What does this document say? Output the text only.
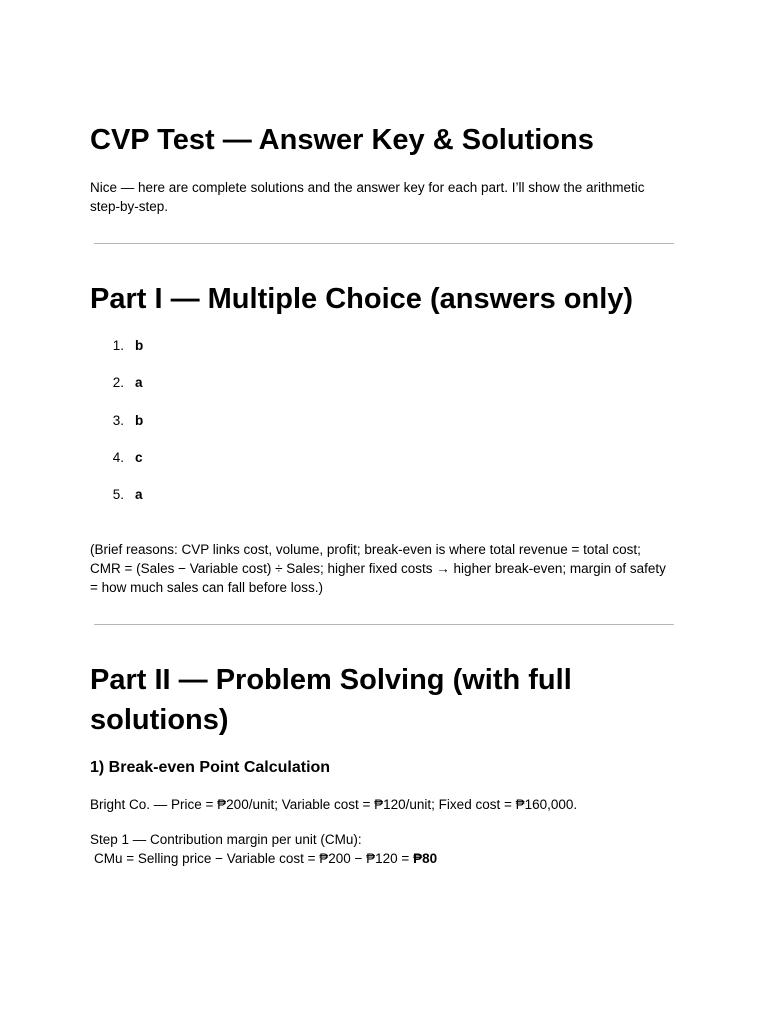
CVP Test — Answer Key & Solutions

Nice — here are complete solutions and the answer key for each part. I’ll show the arithmetic step-by-step.

Part I — Multiple Choice (answers only)
1. b
2. a
3. b
4. c
5. a

(Brief reasons: CVP links cost, volume, profit; break-even is where total revenue = total cost; CMR = (Sales − Variable cost) ÷ Sales; higher fixed costs → higher break-even; margin of safety = how much sales can fall before loss.)

Part II — Problem Solving (with full solutions)
1) Break-even Point Calculation

Bright Co. — Price = ₱200/unit; Variable cost = ₱120/unit; Fixed cost = ₱160,000.

Step 1 — Contribution margin per unit (CMu):

CMu = Selling price − Variable cost = ₱200 − ₱120 = ₱80
